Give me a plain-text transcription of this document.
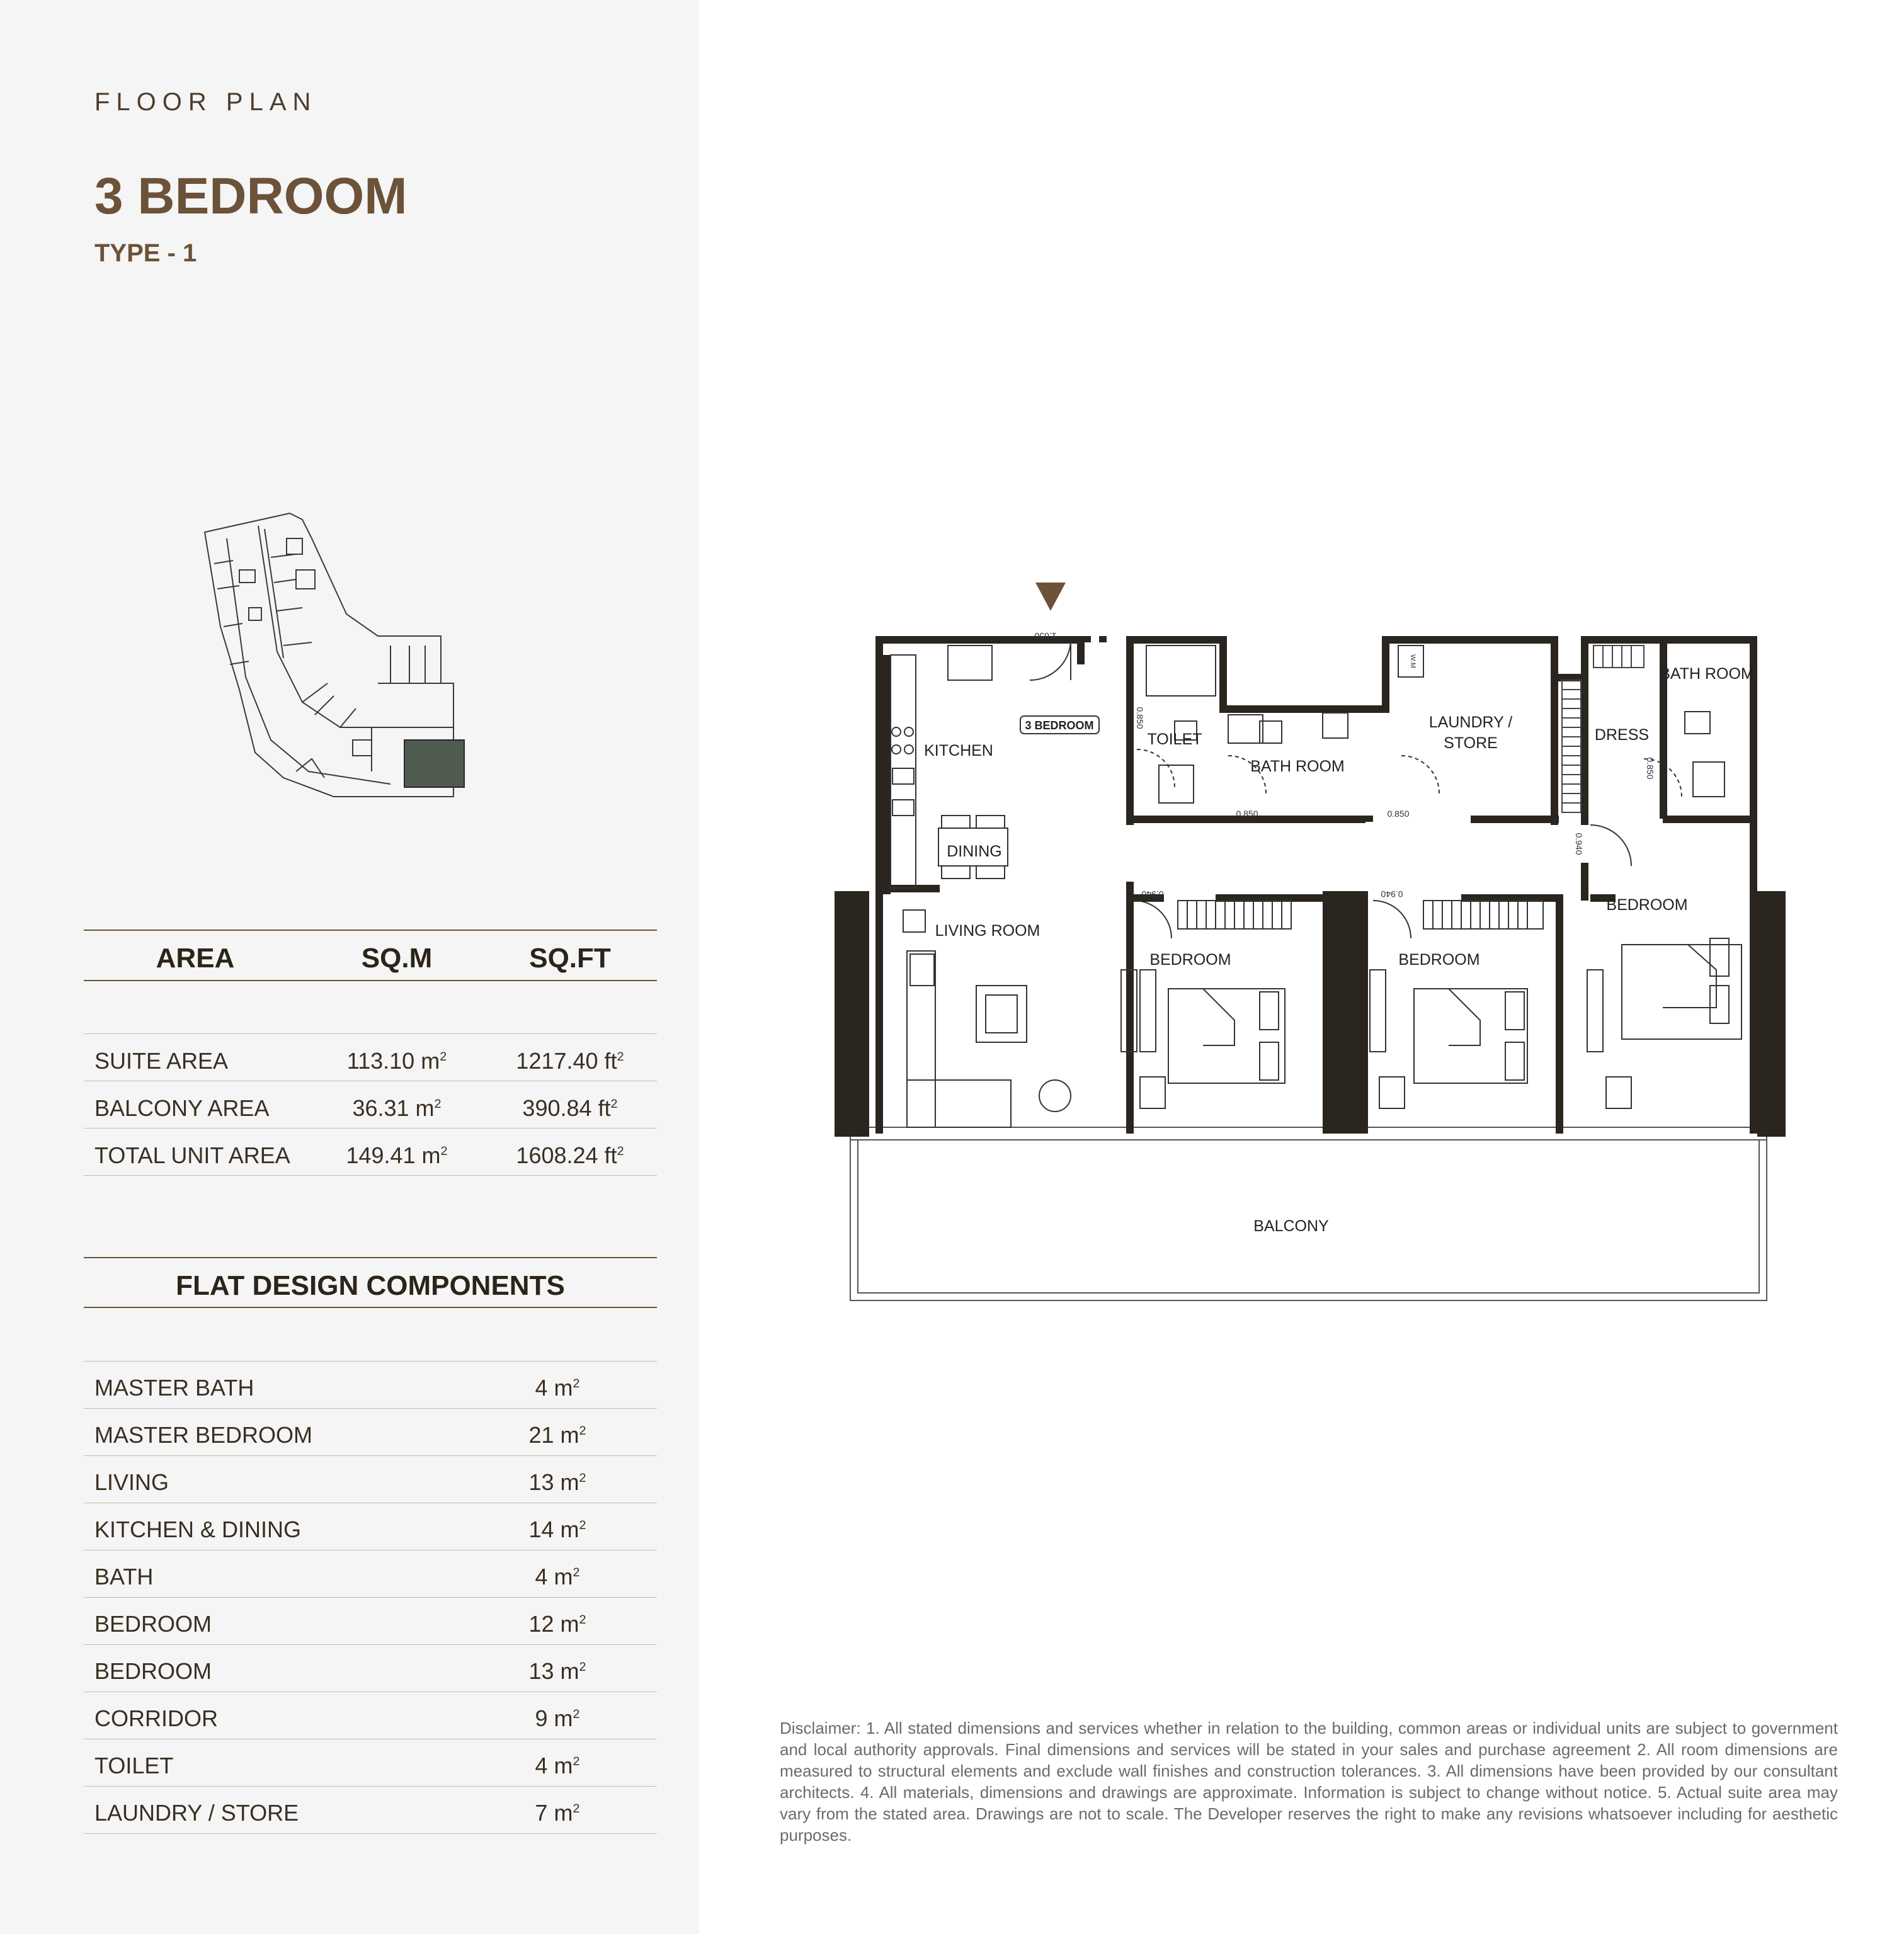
FLOOR PLAN
3 BEDROOM
TYPE - 1
AREA	SQ.M	SQ.FT
SUITE AREA	113.10 $m^2$	1217.40 $ft^2$
BALCONY AREA	36.31 $m^2$	390.84 $ft^2$
TOTAL UNIT AREA	149.41 $m^2$	1608.24 $ft^2$
FLAT DESIGN COMPONENTS
MASTER BATH	4 $m^2$
MASTER BEDROOM	21 $m^2$
LIVING	13 $m^2$
KITCHEN & DINING	14 $m^2$
BATH	4 $m^2$
BEDROOM	12 $m^2$
BEDROOM	13 $m^2$
CORRIDOR	9 $m^2$
TOILET	4 $m^2$
LAUNDRY / STORE	7 $m^2$
KITCHEN
3 BEDROOM
TOILET
BATH ROOM
LAUNDRY /
STORE	DRESS
BATH ROOM
DINING
LIVING ROOM
BEDROOM	BEDROOM
BEDROOM
BALCONY
1.050
0.850
0.850	0.850
0.940
0.850
0.940	0.940
W.M
Disclaimer: 1. All stated dimensions and services whether in relation to the building, common areas or individual units are subject to government and local authority approvals. Final dimensions and services will be stated in your sales and purchase agreement 2. All room dimensions are measured to structural elements and exclude wall finishes and construction tolerances. 3. All dimensions have been provided by our consultant architects. 4. All materials, dimensions and drawings are approximate. Information is subject to change without notice. 5. Actual suite area may vary from the stated area. Drawings are not to scale. The Developer reserves the right to make any revisions whatsoever including for aesthetic purposes.
